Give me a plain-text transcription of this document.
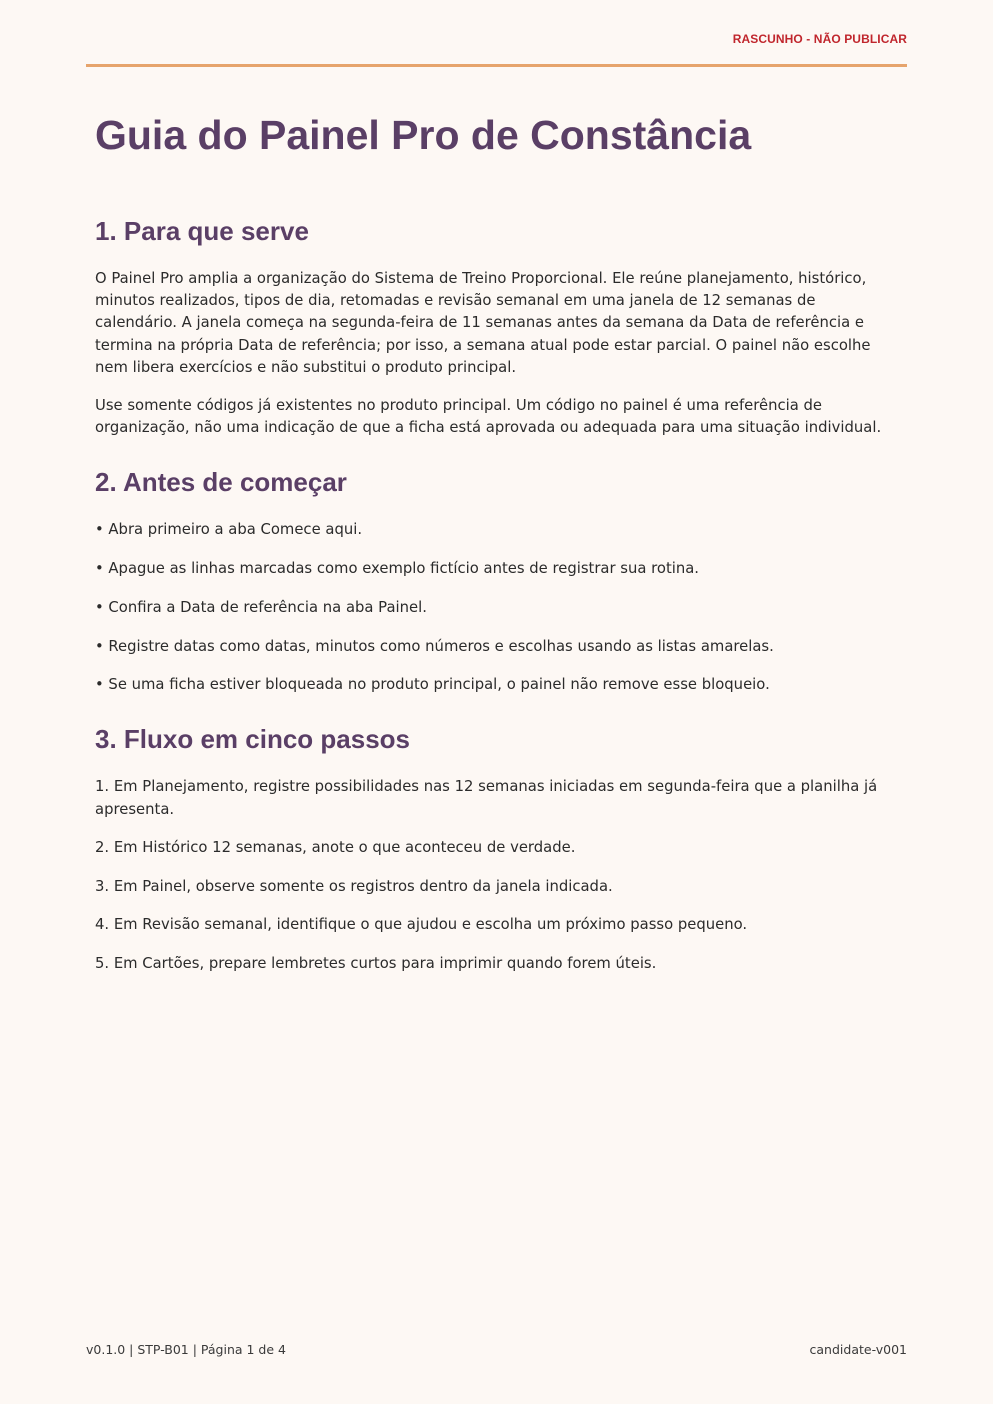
RASCUNHO - NÃO PUBLICAR
Guia do Painel Pro de Constância
1. Para que serve

O Painel Pro amplia a organização do Sistema de Treino Proporcional. Ele reúne planejamento, histórico, minutos realizados, tipos de dia, retomadas e revisão semanal em uma janela de 12 semanas de calendário. A janela começa na segunda-feira de 11 semanas antes da semana da Data de referência e termina na própria Data de referência; por isso, a semana atual pode estar parcial. O painel não escolhe nem libera exercícios e não substitui o produto principal.

Use somente códigos já existentes no produto principal. Um código no painel é uma referência de organização, não uma indicação de que a ficha está aprovada ou adequada para uma situação individual.

2. Antes de começar

• Abra primeiro a aba Comece aqui.

• Apague as linhas marcadas como exemplo fictício antes de registrar sua rotina.

• Confira a Data de referência na aba Painel.

• Registre datas como datas, minutos como números e escolhas usando as listas amarelas.

• Se uma ficha estiver bloqueada no produto principal, o painel não remove esse bloqueio.

3. Fluxo em cinco passos

1. Em Planejamento, registre possibilidades nas 12 semanas iniciadas em segunda-feira que a planilha já apresenta.

2. Em Histórico 12 semanas, anote o que aconteceu de verdade.

3. Em Painel, observe somente os registros dentro da janela indicada.

4. Em Revisão semanal, identifique o que ajudou e escolha um próximo passo pequeno.

5. Em Cartões, prepare lembretes curtos para imprimir quando forem úteis.

v0.1.0 | STP-B01 | Página 1 de 4	candidate-v001
